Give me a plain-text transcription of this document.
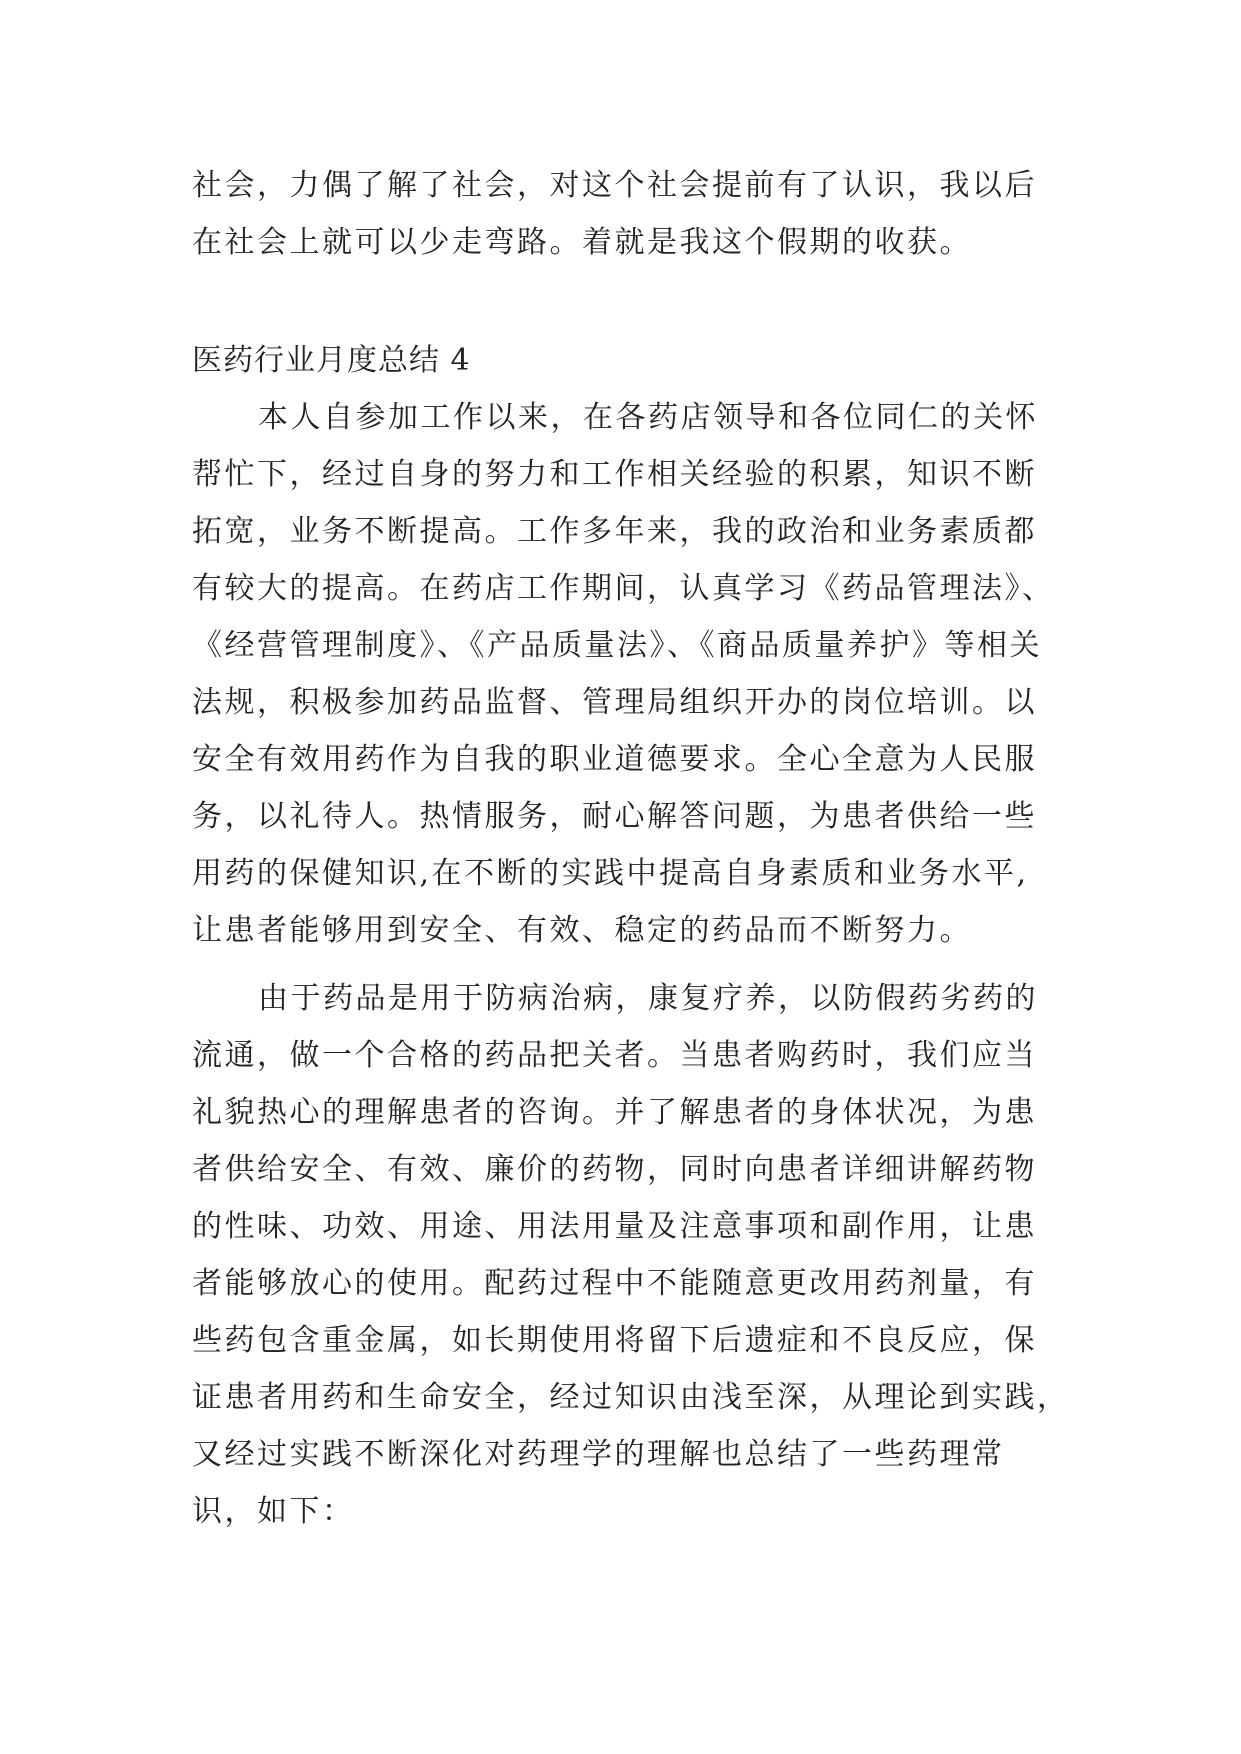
社会，力偶了解了社会，对这个社会提前有了认识，我以后
在社会上就可以少走弯路。着就是我这个假期的收获。
医药行业月度总结 4
本人自参加工作以来，在各药店领导和各位同仁的关怀
帮忙下，经过自身的努力和工作相关经验的积累，知识不断
拓宽，业务不断提高。工作多年来，我的政治和业务素质都
有较大的提高。在药店工作期间，认真学习《药品管理法》、
《经营管理制度》、《产品质量法》、《商品质量养护》等相关
法规，积极参加药品监督、管理局组织开办的岗位培训。以
安全有效用药作为自我的职业道德要求。全心全意为人民服
务，以礼待人。热情服务，耐心解答问题，为患者供给一些
用药的保健知识,在不断的实践中提高自身素质和业务水平,
让患者能够用到安全、有效、稳定的药品而不断努力。
由于药品是用于防病治病，康复疗养，以防假药劣药的
流通，做一个合格的药品把关者。当患者购药时，我们应当
礼貌热心的理解患者的咨询。并了解患者的身体状况，为患
者供给安全、有效、廉价的药物，同时向患者详细讲解药物
的性味、功效、用途、用法用量及注意事项和副作用，让患
者能够放心的使用。配药过程中不能随意更改用药剂量，有
些药包含重金属，如长期使用将留下后遗症和不良反应，保
证患者用药和生命安全，经过知识由浅至深，从理论到实践，
又经过实践不断深化对药理学的理解也总结了一些药理常
识，如下：
